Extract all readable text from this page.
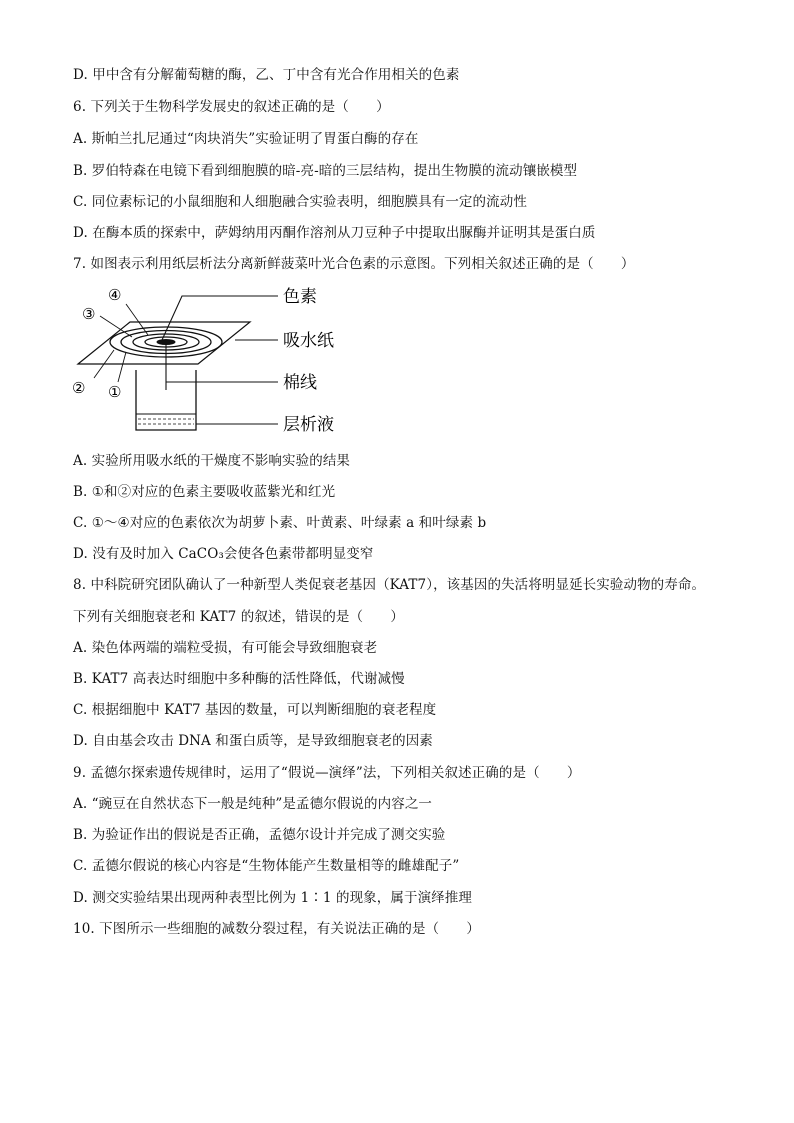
D. 甲中含有分解葡萄糖的酶，乙、丁中含有光合作用相关的色素
6. 下列关于生物科学发展史的叙述正确的是（　　）
A. 斯帕兰扎尼通过“肉块消失”实验证明了胃蛋白酶的存在
B. 罗伯特森在电镜下看到细胞膜的暗-亮-暗的三层结构，提出生物膜的流动镶嵌模型
C. 同位素标记的小鼠细胞和人细胞融合实验表明，细胞膜具有一定的流动性
D. 在酶本质的探索中，萨姆纳用丙酮作溶剂从刀豆种子中提取出脲酶并证明其是蛋白质
7. 如图表示利用纸层析法分离新鲜菠菜叶光合色素的示意图。下列相关叙述正确的是（　　）
④
③
② ①
色素
吸水纸
棉线
层析液
A. 实验所用吸水纸的干燥度不影响实验的结果
B. ①和②对应的色素主要吸收蓝紫光和红光
C. ①～④对应的色素依次为胡萝卜素、叶黄素、叶绿素 a 和叶绿素 b
D. 没有及时加入 CaCO₃会使各色素带都明显变窄
8. 中科院研究团队确认了一种新型人类促衰老基因（KAT7），该基因的失活将明显延长实验动物的寿命。
下列有关细胞衰老和 KAT7 的叙述，错误的是（　　）
A. 染色体两端的端粒受损，有可能会导致细胞衰老
B. KAT7 高表达时细胞中多种酶的活性降低，代谢减慢
C. 根据细胞中 KAT7 基因的数量，可以判断细胞的衰老程度
D. 自由基会攻击 DNA 和蛋白质等，是导致细胞衰老的因素
9. 孟德尔探索遗传规律时，运用了“假说—演绎”法，下列相关叙述正确的是（　　）
A. “豌豆在自然状态下一般是纯种”是孟德尔假说的内容之一
B. 为验证作出的假说是否正确，孟德尔设计并完成了测交实验
C. 孟德尔假说的核心内容是“生物体能产生数量相等的雌雄配子”
D. 测交实验结果出现两种表型比例为 1∶1 的现象，属于演绎推理
10. 下图所示一些细胞的减数分裂过程，有关说法正确的是（　　）
